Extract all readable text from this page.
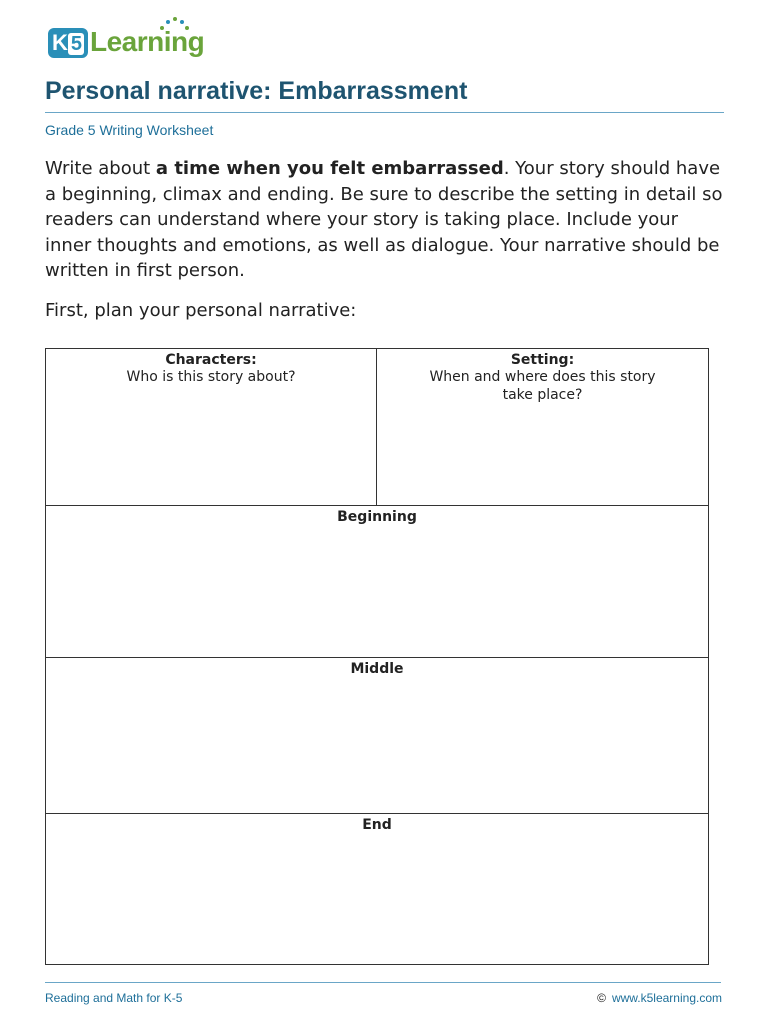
K 5 Learning
Personal narrative: Embarrassment
Grade 5 Writing Worksheet
Write about a time when you felt embarrassed. Your story should have a beginning, climax and ending. Be sure to describe the setting in detail so readers can understand where your story is taking place. Include your inner thoughts and emotions, as well as dialogue. Your narrative should be written in first person.
First, plan your personal narrative:
Characters:
Who is this story about?
Setting:
When and where does this story take place?
Beginning
Middle
End
Reading and Math for K-5	© www.k5learning.com
